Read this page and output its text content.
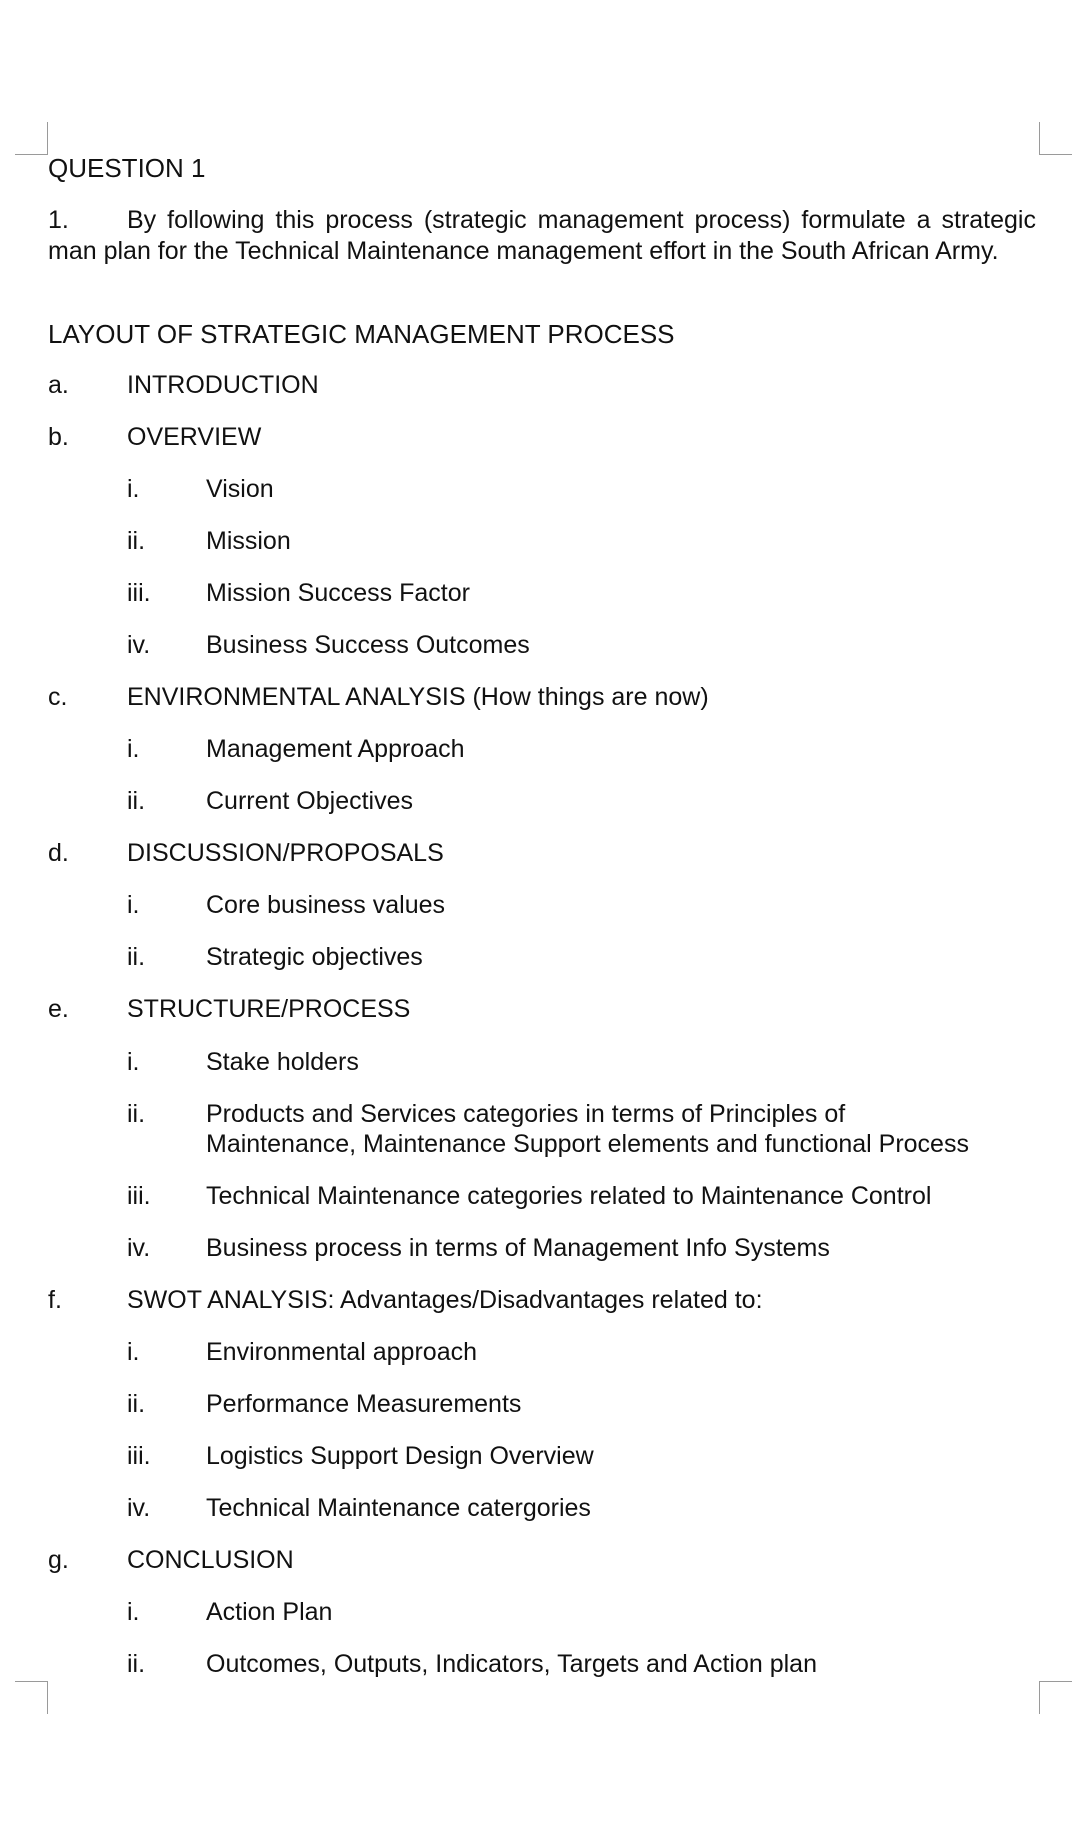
QUESTION 1

1. By following this process (strategic management process) formulate a strategic man plan for the Technical Maintenance management effort in the South African Army.

LAYOUT OF STRATEGIC MANAGEMENT PROCESS
a. INTRODUCTION
b. OVERVIEW
i.	Vision
ii. Mission
iii. Mission Success Factor
iv. Business Success Outcomes
c. ENVIRONMENTAL ANALYSIS (How things are now)
i.	Management Approach
ii. Current Objectives
d. DISCUSSION/PROPOSALS
i.	Core business values
ii. Strategic objectives
e. STRUCTURE/PROCESS
i.	Stake holders
ii. Products and Services categories in terms of Principles of
Maintenance, Maintenance Support elements and functional Process
iii. Technical Maintenance categories related to Maintenance Control
iv. Business process in terms of Management Info Systems
f.	SWOT ANALYSIS: Advantages/Disadvantages related to:
i.	Environmental approach
ii. Performance Measurements
iii. Logistics Support Design Overview
iv. Technical Maintenance catergories
g. CONCLUSION
i.	Action Plan
ii. Outcomes, Outputs, Indicators, Targets and Action plan
